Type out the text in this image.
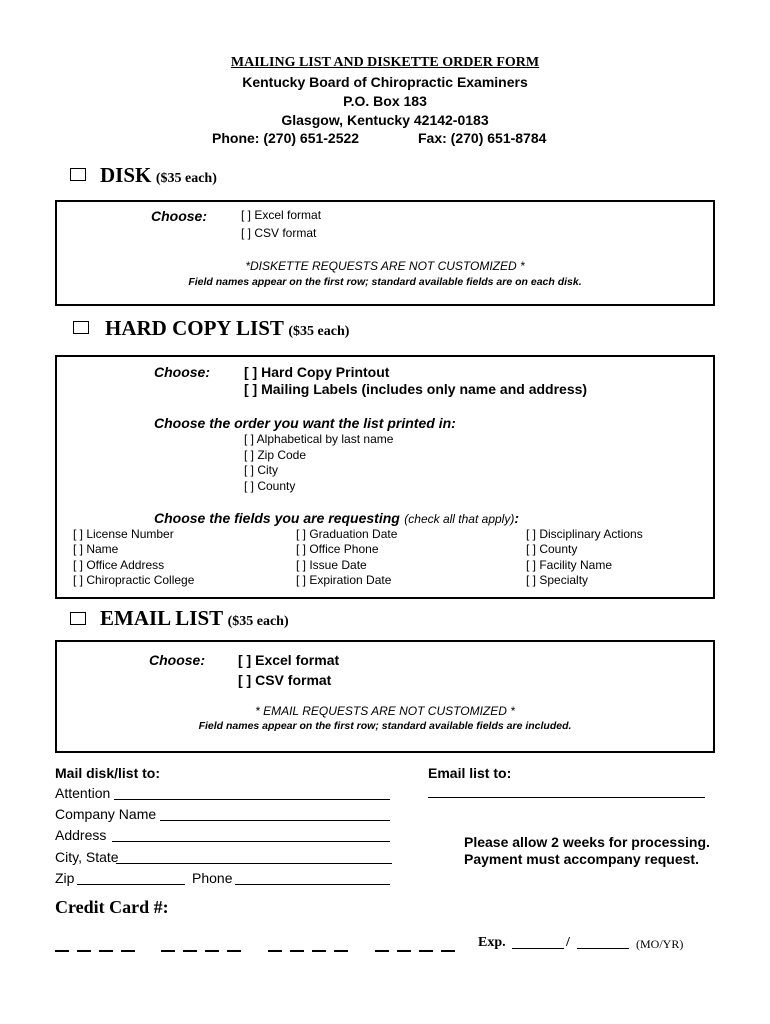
MAILING LIST AND DISKETTE ORDER FORM
Kentucky Board of Chiropractic Examiners
P.O. Box 183
Glasgow, Kentucky 42142-0183
Phone: (270) 651-2522	Fax: (270) 651-8784
DISK ($35 each)
Choose:	[ ] Excel format
[ ] CSV format
*DISKETTE REQUESTS ARE NOT CUSTOMIZED *
Field names appear on the first row; standard available fields are on each disk.
HARD COPY LIST ($35 each)
Choose: [ ] Hard Copy Printout
[ ] Mailing Labels (includes only name and address)
Choose the order you want the list printed in:
[ ] Alphabetical by last name
[ ] Zip Code
[ ] City
[ ] County
Choose the fields you are requesting (check all that apply):
[ ] License Number
[ ] Name
[ ] Office Address
[ ] Chiropractic College
[ ] Graduation Date
[ ] Office Phone
[ ] Issue Date
[ ] Expiration Date
[ ] Disciplinary Actions
[ ] County
[ ] Facility Name
[ ] Specialty
EMAIL LIST ($35 each)
Choose: [ ] Excel format
[ ] CSV format
* EMAIL REQUESTS ARE NOT CUSTOMIZED *
Field names appear on the first row; standard available fields are included.
Mail disk/list to:
Attention
Company Name
Address
City, State
Zip	Phone
Email list to:
Please allow 2 weeks for processing.
Payment must accompany request.
Credit Card #:
Exp.	/	(MO/YR)
